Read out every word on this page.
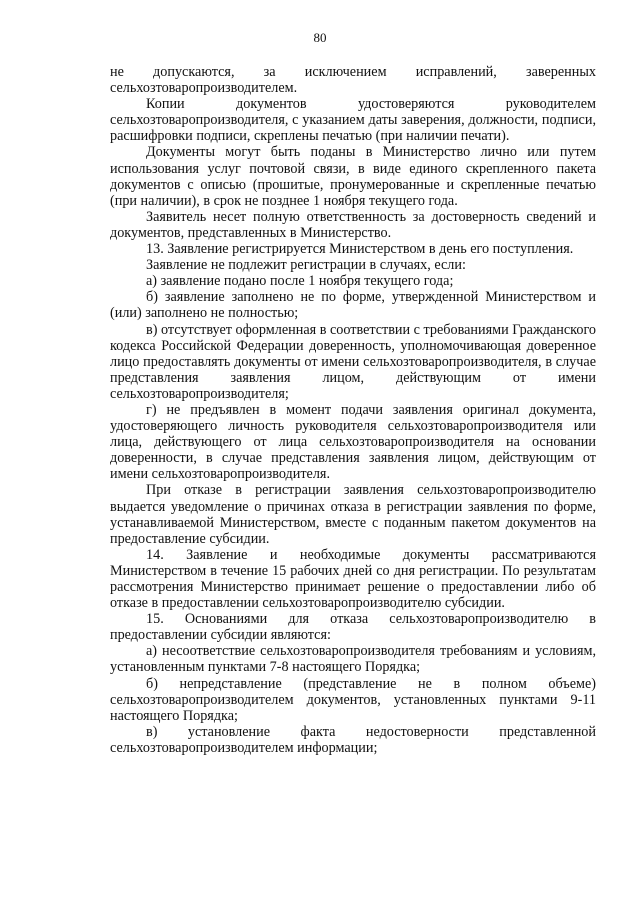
80

не допускаются, за исключением исправлений, заверенных сельхозтоваропроизводителем.

Копии документов удостоверяются руководителем сельхозтоваропроизводителя, с указанием даты заверения, должности, подписи, расшифровки подписи, скреплены печатью (при наличии печати).

Документы могут быть поданы в Министерство лично или путем использования услуг почтовой связи, в виде единого скрепленного пакета документов с описью (прошитые, пронумерованные и скрепленные печатью (при наличии), в срок не позднее 1 ноября текущего года.

Заявитель несет полную ответственность за достоверность сведений и документов, представленных в Министерство.

13. Заявление регистрируется Министерством в день его поступления.

Заявление не подлежит регистрации в случаях, если:

а) заявление подано после 1 ноября текущего года;

б) заявление заполнено не по форме, утвержденной Министерством и (или) заполнено не полностью;

в) отсутствует оформленная в соответствии с требованиями Гражданского кодекса Российской Федерации доверенность, уполномочивающая доверенное лицо предоставлять документы от имени сельхозтоваропроизводителя, в случае представления заявления лицом, действующим от имени сельхозтоваропроизводителя;

г) не предъявлен в момент подачи заявления оригинал документа, удостоверяющего личность руководителя сельхозтоваропроизводителя или лица, действующего от лица сельхозтоваропроизводителя на основании доверенности, в случае представления заявления лицом, действующим от имени сельхозтоваропроизводителя.

При отказе в регистрации заявления сельхозтоваропроизводителю выдается уведомление о причинах отказа в регистрации заявления по форме, устанавливаемой Министерством, вместе с поданным пакетом документов на предоставление субсидии.

14. Заявление и необходимые документы рассматриваются Министерством в течение 15 рабочих дней со дня регистрации. По результатам рассмотрения Министерство принимает решение о предоставлении либо об отказе в предоставлении сельхозтоваропроизводителю субсидии.

15. Основаниями для отказа сельхозтоваропроизводителю в предоставлении субсидии являются:

а) несоответствие сельхозтоваропроизводителя требованиям и условиям, установленным пунктами 7-8 настоящего Порядка;

б) непредставление (представление не в полном объеме) сельхозтоваропроизводителем документов, установленных пунктами 9-11 настоящего Порядка;

в) установление факта недостоверности представленной сельхозтоваропроизводителем информации;
